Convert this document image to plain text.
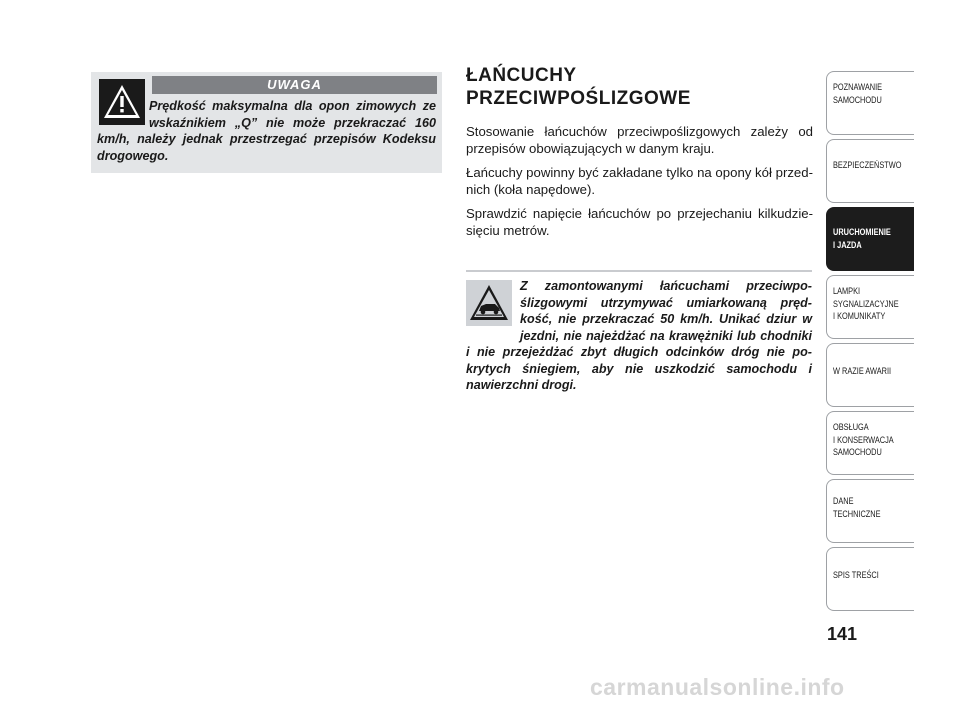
UWAGA

Prędkość maksymalna dla opon zimowych ze wskaźnikiem „Q” nie może przekraczać 160 km/h, należy jednak przestrzegać przepisów Kodeksu drogowego.

ŁAŃCUCHY
PRZECIWPOŚLIZGOWE

Stosowanie łańcuchów przeciwpoślizgowych zależy od przepisów obowiązujących w danym kraju.

Łańcuchy powinny być zakładane tylko na opony kół przed-nich (koła napędowe).

Sprawdzić napięcie łańcuchów po przejechaniu kilkudzie-sięciu metrów.

Z zamontowanymi łańcuchami przeciwpo-ślizgowymi utrzymywać umiarkowaną pręd-kość, nie przekraczać 50 km/h. Unikać dziur w jezdni, nie najeżdżać na krawężniki lub chodniki i nie przejeżdżać zbyt długich odcinków dróg nie po-krytych śniegiem, aby nie uszkodzić samochodu i nawierzchni drogi.

POZNAWANIE
SAMOCHODU
BEZPIECZEŃSTWO
URUCHOMIENIE
I JAZDA
LAMPKI
SYGNALIZACYJNE
I KOMUNIKATY
W RAZIE AWARII
OBSŁUGA
I KONSERWACJA
SAMOCHODU
DANE
TECHNICZNE
SPIS TREŚCI
141
carmanualsonline.info
